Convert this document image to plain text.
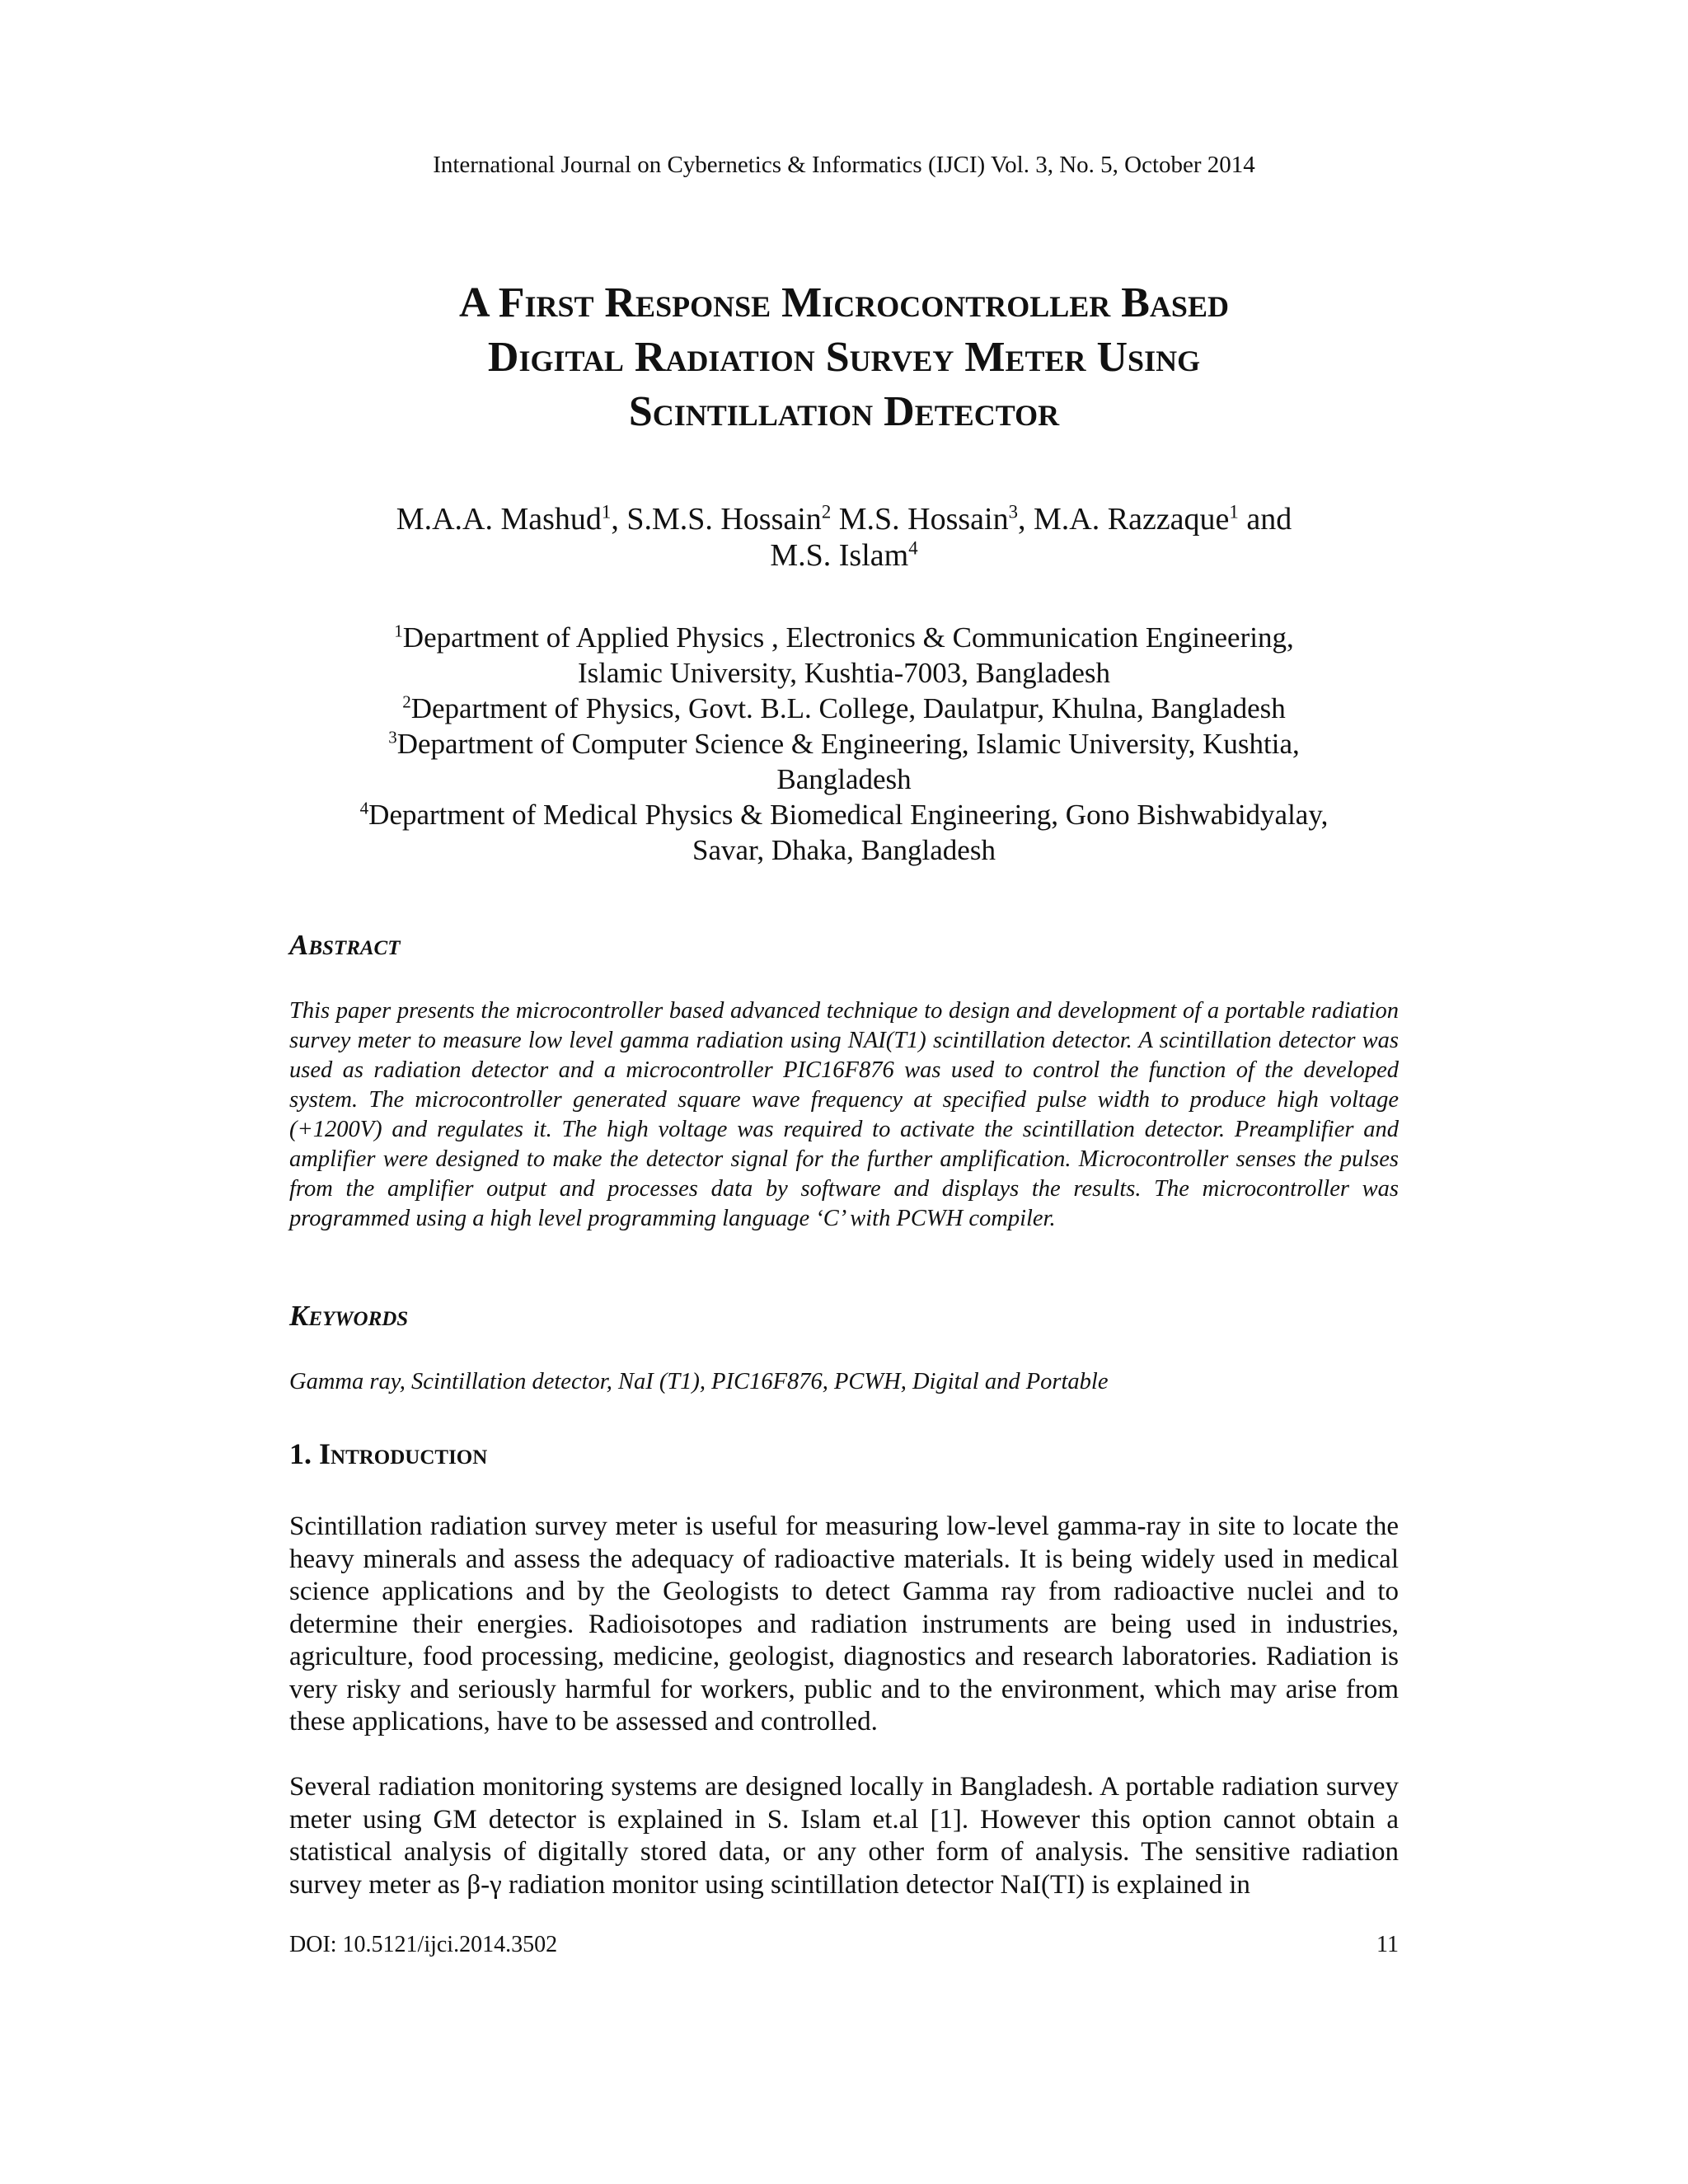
International Journal on Cybernetics & Informatics (IJCI) Vol. 3, No. 5, October 2014
A First Response Microcontroller Based
Digital Radiation Survey Meter Using
Scintillation Detector
M.A.A. Mashud$^1$, S.M.S. Hossain$^2$ M.S. Hossain$^3$, M.A. Razzaque$^1$ and
M.S. Islam$^4$
$^1$Department of Applied Physics , Electronics & Communication Engineering,
Islamic University, Kushtia-7003, Bangladesh
$^2$Department of Physics, Govt. B.L. College, Daulatpur, Khulna, Bangladesh
$^3$Department of Computer Science & Engineering, Islamic University, Kushtia,
Bangladesh
$^4$Department of Medical Physics & Biomedical Engineering, Gono Bishwabidyalay,
Savar, Dhaka, Bangladesh
Abstract
This paper presents the microcontroller based advanced technique to design and development of a portable radiation survey meter to measure low level gamma radiation using NAI(T1) scintillation detector. A scintillation detector was used as radiation detector and a microcontroller PIC16F876 was used to control the function of the developed system. The microcontroller generated square wave frequency at specified pulse width to produce high voltage (+1200V) and regulates it. The high voltage was required to activate the scintillation detector. Preamplifier and amplifier were designed to make the detector signal for the further amplification. Microcontroller senses the pulses from the amplifier output and processes data by software and displays the results. The microcontroller was programmed using a high level programming language ‘C’ with PCWH compiler.
Keywords
Gamma ray, Scintillation detector, NaI (T1), PIC16F876, PCWH, Digital and Portable
1. Introduction
Scintillation radiation survey meter is useful for measuring low-level gamma-ray in site to locate the heavy minerals and assess the adequacy of radioactive materials. It is being widely used in medical science applications and by the Geologists to detect Gamma ray from radioactive nuclei and to determine their energies. Radioisotopes and radiation instruments are being used in industries, agriculture, food processing, medicine, geologist, diagnostics and research laboratories. Radiation is very risky and seriously harmful for workers, public and to the environment, which may arise from these applications, have to be assessed and controlled.
Several radiation monitoring systems are designed locally in Bangladesh. A portable radiation survey meter using GM detector is explained in S. Islam et.al [1]. However this option cannot obtain a statistical analysis of digitally stored data, or any other form of analysis. The sensitive radiation survey meter as β-γ radiation monitor using scintillation detector NaI(TI) is explained in
DOI: 10.5121/ijci.2014.3502	11
